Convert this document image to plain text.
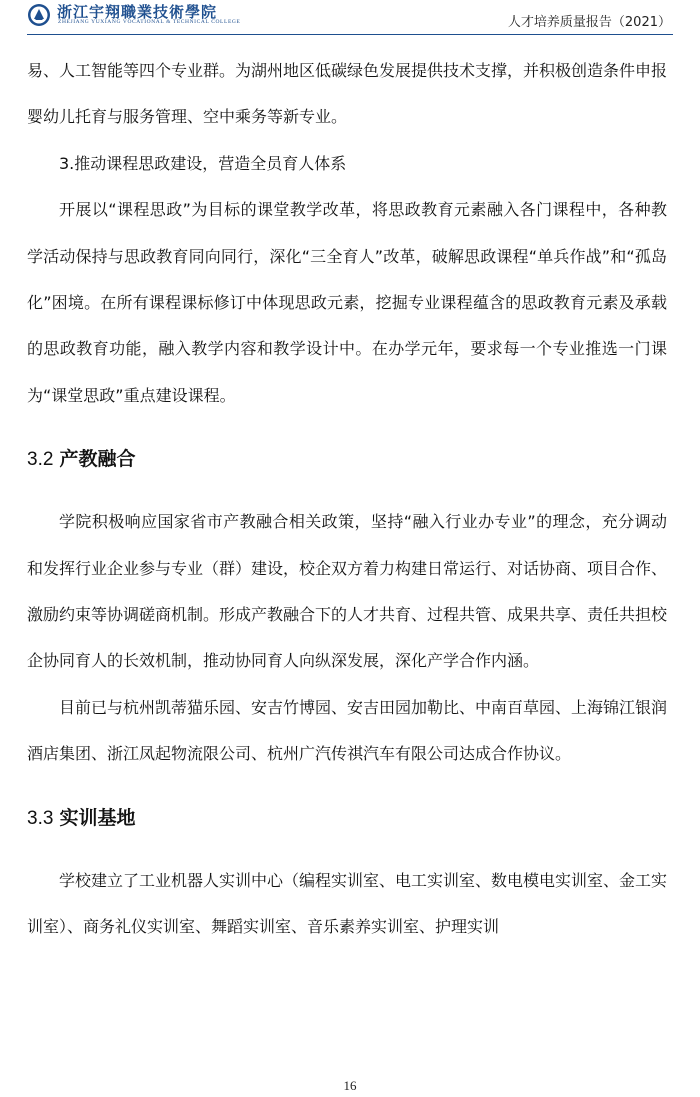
浙江宇翔職業技術學院
ZHEJIANG YUXIANG VOCATIONAL & TECHNICAL COLLEGE	人才培养质量报告（2021）

易、人工智能等四个专业群。为湖州地区低碳绿色发展提供技术支撑，并积极创造条件申报婴幼儿托育与服务管理、空中乘务等新专业。

3.推动课程思政建设，营造全员育人体系

开展以“课程思政”为目标的课堂教学改革，将思政教育元素融入各门课程中，各种教学活动保持与思政教育同向同行，深化“三全育人”改革，破解思政课程“单兵作战”和“孤岛化”困境。在所有课程课标修订中体现思政元素，挖掘专业课程蕴含的思政教育元素及承载的思政教育功能，融入教学内容和教学设计中。在办学元年，要求每一个专业推选一门课为“课堂思政”重点建设课程。

3.2 产教融合

学院积极响应国家省市产教融合相关政策，坚持“融入行业办专业”的理念，充分调动和发挥行业企业参与专业（群）建设，校企双方着力构建日常运行、对话协商、项目合作、激励约束等协调磋商机制。形成产教融合下的人才共育、过程共管、成果共享、责任共担校企协同育人的长效机制，推动协同育人向纵深发展，深化产学合作内涵。

目前已与杭州凯蒂猫乐园、安吉竹博园、安吉田园加勒比、中南百草园、上海锦江银润酒店集团、浙江凤起物流限公司、杭州广汽传祺汽车有限公司达成合作协议。

3.3 实训基地

学校建立了工业机器人实训中心（编程实训室、电工实训室、数电模电实训室、金工实训室）、商务礼仪实训室、舞蹈实训室、音乐素养实训室、护理实训

16
